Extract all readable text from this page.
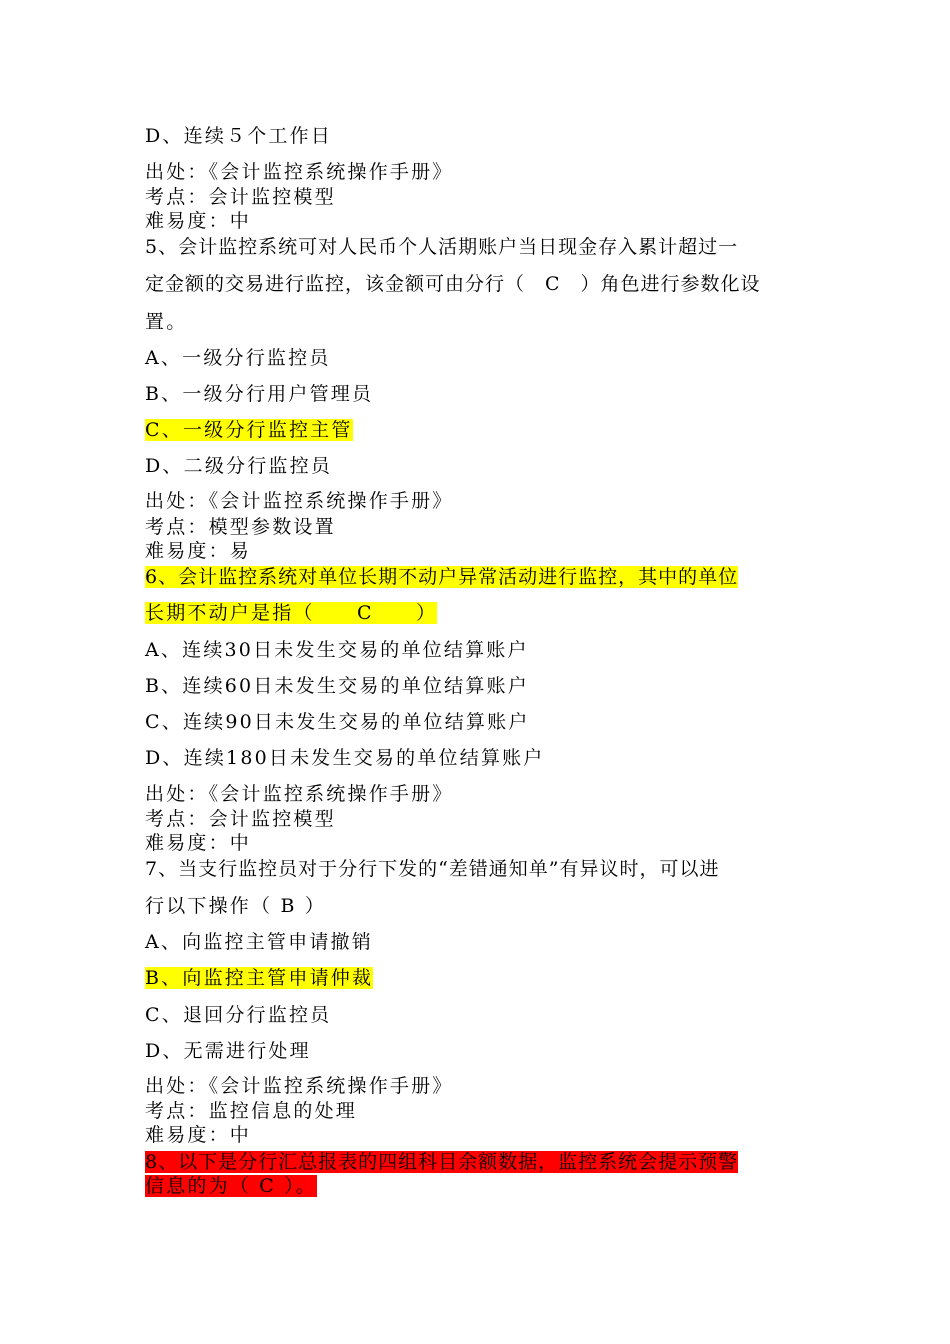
D、连续５个工作日
出处：《会计监控系统操作手册》
考点：会计监控模型
难易度：中
5、会计监控系统可对人民币个人活期账户当日现金存入累计超过一
定金额的交易进行监控，该金额可由分行（　C　）角色进行参数化设
置。
A、一级分行监控员
B、一级分行用户管理员
C、一级分行监控主管
D、二级分行监控员
出处：《会计监控系统操作手册》
考点：模型参数设置
难易度：易
6、会计监控系统对单位长期不动户异常活动进行监控，其中的单位
长期不动户是指（　　C　　）
A、连续30日未发生交易的单位结算账户
B、连续60日未发生交易的单位结算账户
C、连续90日未发生交易的单位结算账户
D、连续180日未发生交易的单位结算账户
出处：《会计监控系统操作手册》
考点：会计监控模型
难易度：中
7、当支行监控员对于分行下发的“差错通知单”有异议时，可以进
行以下操作（ B ）
A、向监控主管申请撤销
B、向监控主管申请仲裁
C、退回分行监控员
D、无需进行处理
出处：《会计监控系统操作手册》
考点：监控信息的处理
难易度：中
8、以下是分行汇总报表的四组科目余额数据，监控系统会提示预警
信息的为（ C ）。
